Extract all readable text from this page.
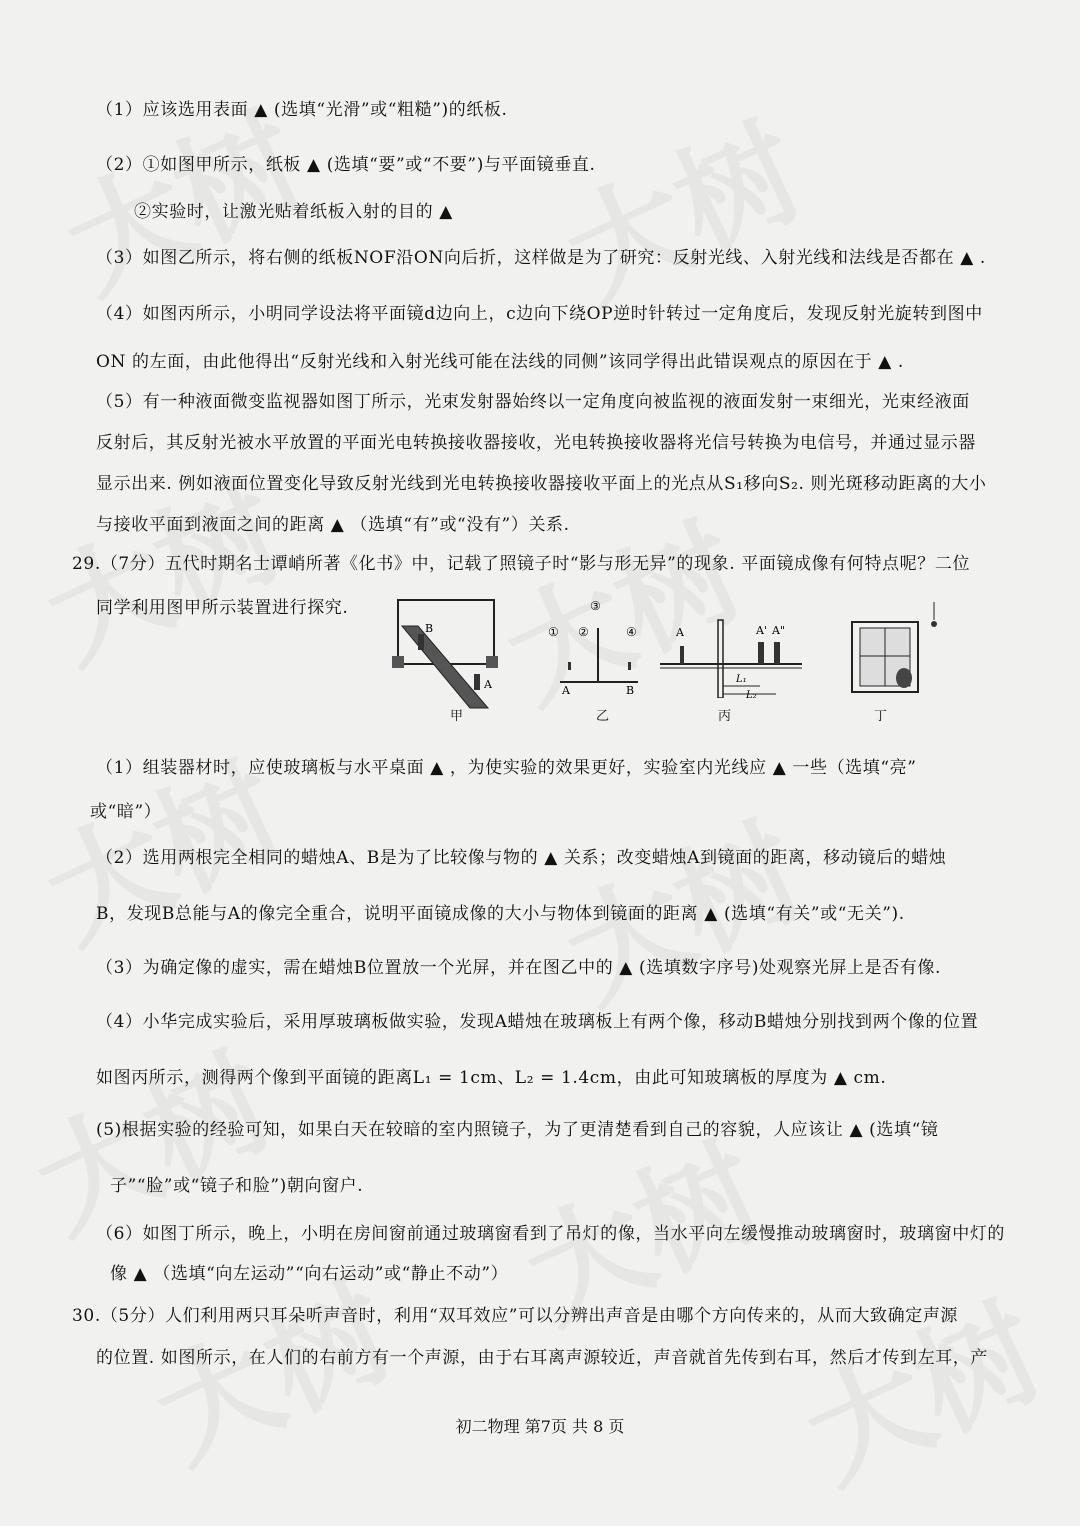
（1）应该选用表面 ▲ (选填“光滑”或“粗糙”)的纸板.
（2）①如图甲所示，纸板 ▲ (选填“要”或“不要”)与平面镜垂直.
②实验时，让激光贴着纸板入射的目的 ▲
（3）如图乙所示，将右侧的纸板NOF沿ON向后折，这样做是为了研究：反射光线、入射光线和法线是否都在 ▲ .
（4）如图丙所示，小明同学设法将平面镜d边向上，c边向下绕OP逆时针转过一定角度后，发现反射光旋转到图中
ON 的左面，由此他得出“反射光线和入射光线可能在法线的同侧”该同学得出此错误观点的原因在于 ▲ .
（5）有一种液面微变监视器如图丁所示，光束发射器始终以一定角度向被监视的液面发射一束细光，光束经液面
反射后，其反射光被水平放置的平面光电转换接收器接收，光电转换接收器将光信号转换为电信号，并通过显示器
显示出来. 例如液面位置变化导致反射光线到光电转换接收器接收平面上的光点从S₁移向S₂. 则光斑移动距离的大小
与接收平面到液面之间的距离 ▲ （选填“有”或“没有”）关系.
29.（7分）五代时期名士谭峭所著《化书》中，记载了照镜子时“影与形无异”的现象. 平面镜成像有何特点呢？二位
同学利用图甲所示装置进行探究.
B
A
甲
① ②
③
④
A	B
乙
A	A' A"
L₁
L₂
丙	丁
（1）组装器材时，应使玻璃板与水平桌面 ▲ ，为使实验的效果更好，实验室内光线应 ▲ 一些（选填“亮”
或“暗”）
（2）选用两根完全相同的蜡烛A、B是为了比较像与物的 ▲ 关系；改变蜡烛A到镜面的距离，移动镜后的蜡烛
B，发现B总能与A的像完全重合，说明平面镜成像的大小与物体到镜面的距离 ▲ (选填“有关”或“无关”).
（3）为确定像的虚实，需在蜡烛B位置放一个光屏，并在图乙中的 ▲ (选填数字序号)处观察光屏上是否有像.
（4）小华完成实验后，采用厚玻璃板做实验，发现A蜡烛在玻璃板上有两个像，移动B蜡烛分别找到两个像的位置
如图丙所示，测得两个像到平面镜的距离L₁ = 1cm、L₂ = 1.4cm，由此可知玻璃板的厚度为 ▲ cm.
(5)根据实验的经验可知，如果白天在较暗的室内照镜子，为了更清楚看到自己的容貌，人应该让 ▲ (选填“镜
子”“脸”或“镜子和脸”)朝向窗户.
（6）如图丁所示，晚上，小明在房间窗前通过玻璃窗看到了吊灯的像，当水平向左缓慢推动玻璃窗时，玻璃窗中灯的
像 ▲ （选填“向左运动”“向右运动”或“静止不动”）
30.（5分）人们利用两只耳朵听声音时，利用“双耳效应”可以分辨出声音是由哪个方向传来的，从而大致确定声源
的位置. 如图所示，在人们的右前方有一个声源，由于右耳离声源较近，声音就首先传到右耳，然后才传到左耳，产
初二物理 第7页 共 8 页
